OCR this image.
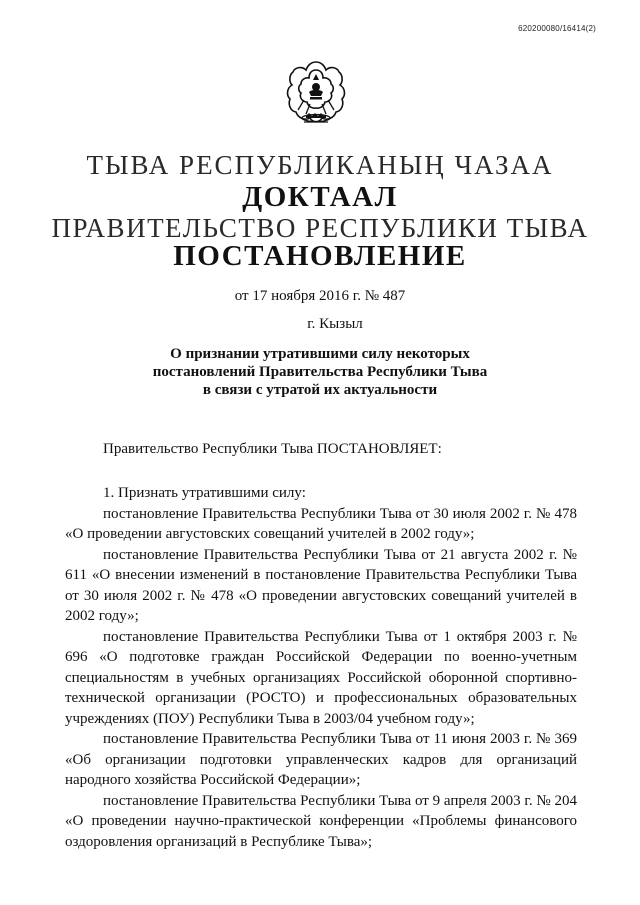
620200080/16414(2)
ТЫВА РЕСПУБЛИКАНЫҢ ЧАЗАА
ДОКТААЛ
ПРАВИТЕЛЬСТВО РЕСПУБЛИКИ ТЫВА
ПОСТАНОВЛЕНИЕ
от 17 ноября 2016 г. № 487
г. Кызыл
О признании утратившими силу некоторых
постановлений Правительства Республики Тыва
в связи с утратой их актуальности
Правительство Республики Тыва ПОСТАНОВЛЯЕТ:

1. Признать утратившими силу:

постановление Правительства Республики Тыва от 30 июля 2002 г. № 478 «О проведении августовских совещаний учителей в 2002 году»;

постановление Правительства Республики Тыва от 21 августа 2002 г. № 611 «О внесении изменений в постановление Правительства Республики Тыва от 30 июля 2002 г. № 478 «О проведении августовских совещаний учителей в 2002 году»;

постановление Правительства Республики Тыва от 1 октября 2003 г. № 696 «О подготовке граждан Российской Федерации по военно-учетным специальностям в учебных организациях Российской оборонной спортивно-технической организации (РОСТО) и профессиональных образовательных учреждениях (ПОУ) Республики Тыва в 2003/04 учебном году»;

постановление Правительства Республики Тыва от 11 июня 2003 г. № 369 «Об организации подготовки управленческих кадров для организаций народного хозяйства Российской Федерации»;

постановление Правительства Республики Тыва от 9 апреля 2003 г. № 204 «О проведении научно-практической конференции «Проблемы финансового оздоровления организаций в Республике Тыва»;
